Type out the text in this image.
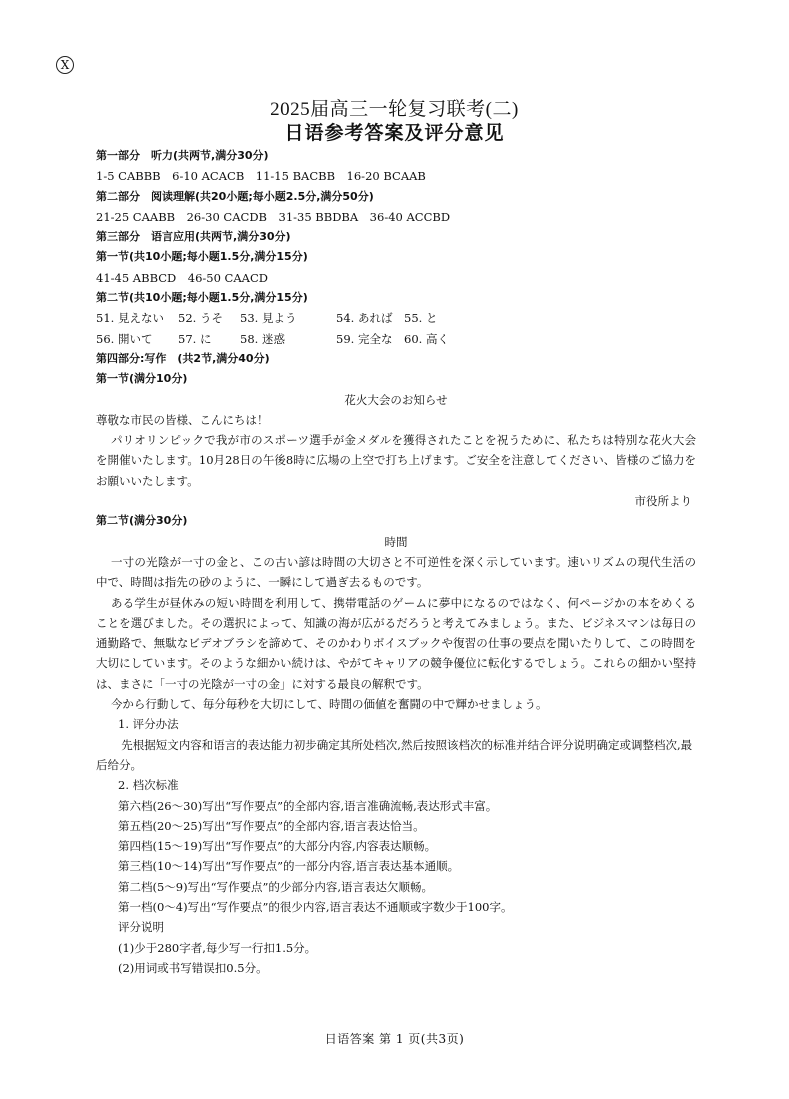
X
2025届高三一轮复习联考(二)
日语参考答案及评分意见

第一部分　听力(共两节,满分30分)

1-5 CABBB　6-10 ACACB　11-15 BACBB　16-20 BCAAB

第二部分　阅读理解(共20小题;每小题2.5分,满分50分)

21-25 CAABB　26-30 CACDB　31-35 BBDBA　36-40 ACCBD

第三部分　语言应用(共两节,满分30分)

第一节(共10小题;每小题1.5分,满分15分)

41-45 ABBCD　46-50 CAACD

第二节(共10小题;每小题1.5分,满分15分)

51. 見えない 52. うそ 53. 見よう	54. あれば 55. と

56. 開いて 57. に 58. 迷惑	59. 完全な 60. 高く

第四部分:写作　(共2节,满分40分)

第一节(满分10分)

花火大会のお知らせ

尊敬な市民の皆様、こんにちは！

パリオリンピックで我が市のスポーツ選手が金メダルを獲得されたことを祝うために、私たちは特別な花火大会を開催いたします。10月28日の午後8時に広場の上空で打ち上げます。ご安全を注意してください、皆様のご協力をお願いいたします。

市役所より

第二节(满分30分)

時間

一寸の光陰が一寸の金と、この古い諺は時間の大切さと不可逆性を深く示しています。速いリズムの現代生活の中で、時間は指先の砂のように、一瞬にして過ぎ去るものです。

ある学生が昼休みの短い時間を利用して、携帯電話のゲームに夢中になるのではなく、何ページかの本をめくることを選びました。その選択によって、知識の海が広がるだろうと考えてみましょう。また、ビジネスマンは毎日の通勤路で、無駄なビデオブラシを諦めて、そのかわりボイスブックや復習の仕事の要点を聞いたりして、この時間を大切にしています。そのような細かい続けは、やがてキャリアの競争優位に転化するでしょう。これらの細かい堅持は、まさに「一寸の光陰が一寸の金」に対する最良の解釈です。

今から行動して、毎分毎秒を大切にして、時間の価値を奮闘の中で輝かせましょう。

1. 评分办法

先根据短文内容和语言的表达能力初步确定其所处档次,然后按照该档次的标准并结合评分说明确定或调整档次,最后给分。

2. 档次标准

第六档(26～30)写出“写作要点”的全部内容,语言准确流畅,表达形式丰富。

第五档(20～25)写出“写作要点”的全部内容,语言表达恰当。

第四档(15～19)写出“写作要点”的大部分内容,内容表达顺畅。

第三档(10～14)写出“写作要点”的一部分内容,语言表达基本通顺。

第二档(5～9)写出“写作要点”的少部分内容,语言表达欠顺畅。

第一档(0～4)写出“写作要点”的很少内容,语言表达不通顺或字数少于100字。

评分说明

(1)少于280字者,每少写一行扣1.5分。

(2)用词或书写错误扣0.5分。

日语答案 第 1 页(共3页)
